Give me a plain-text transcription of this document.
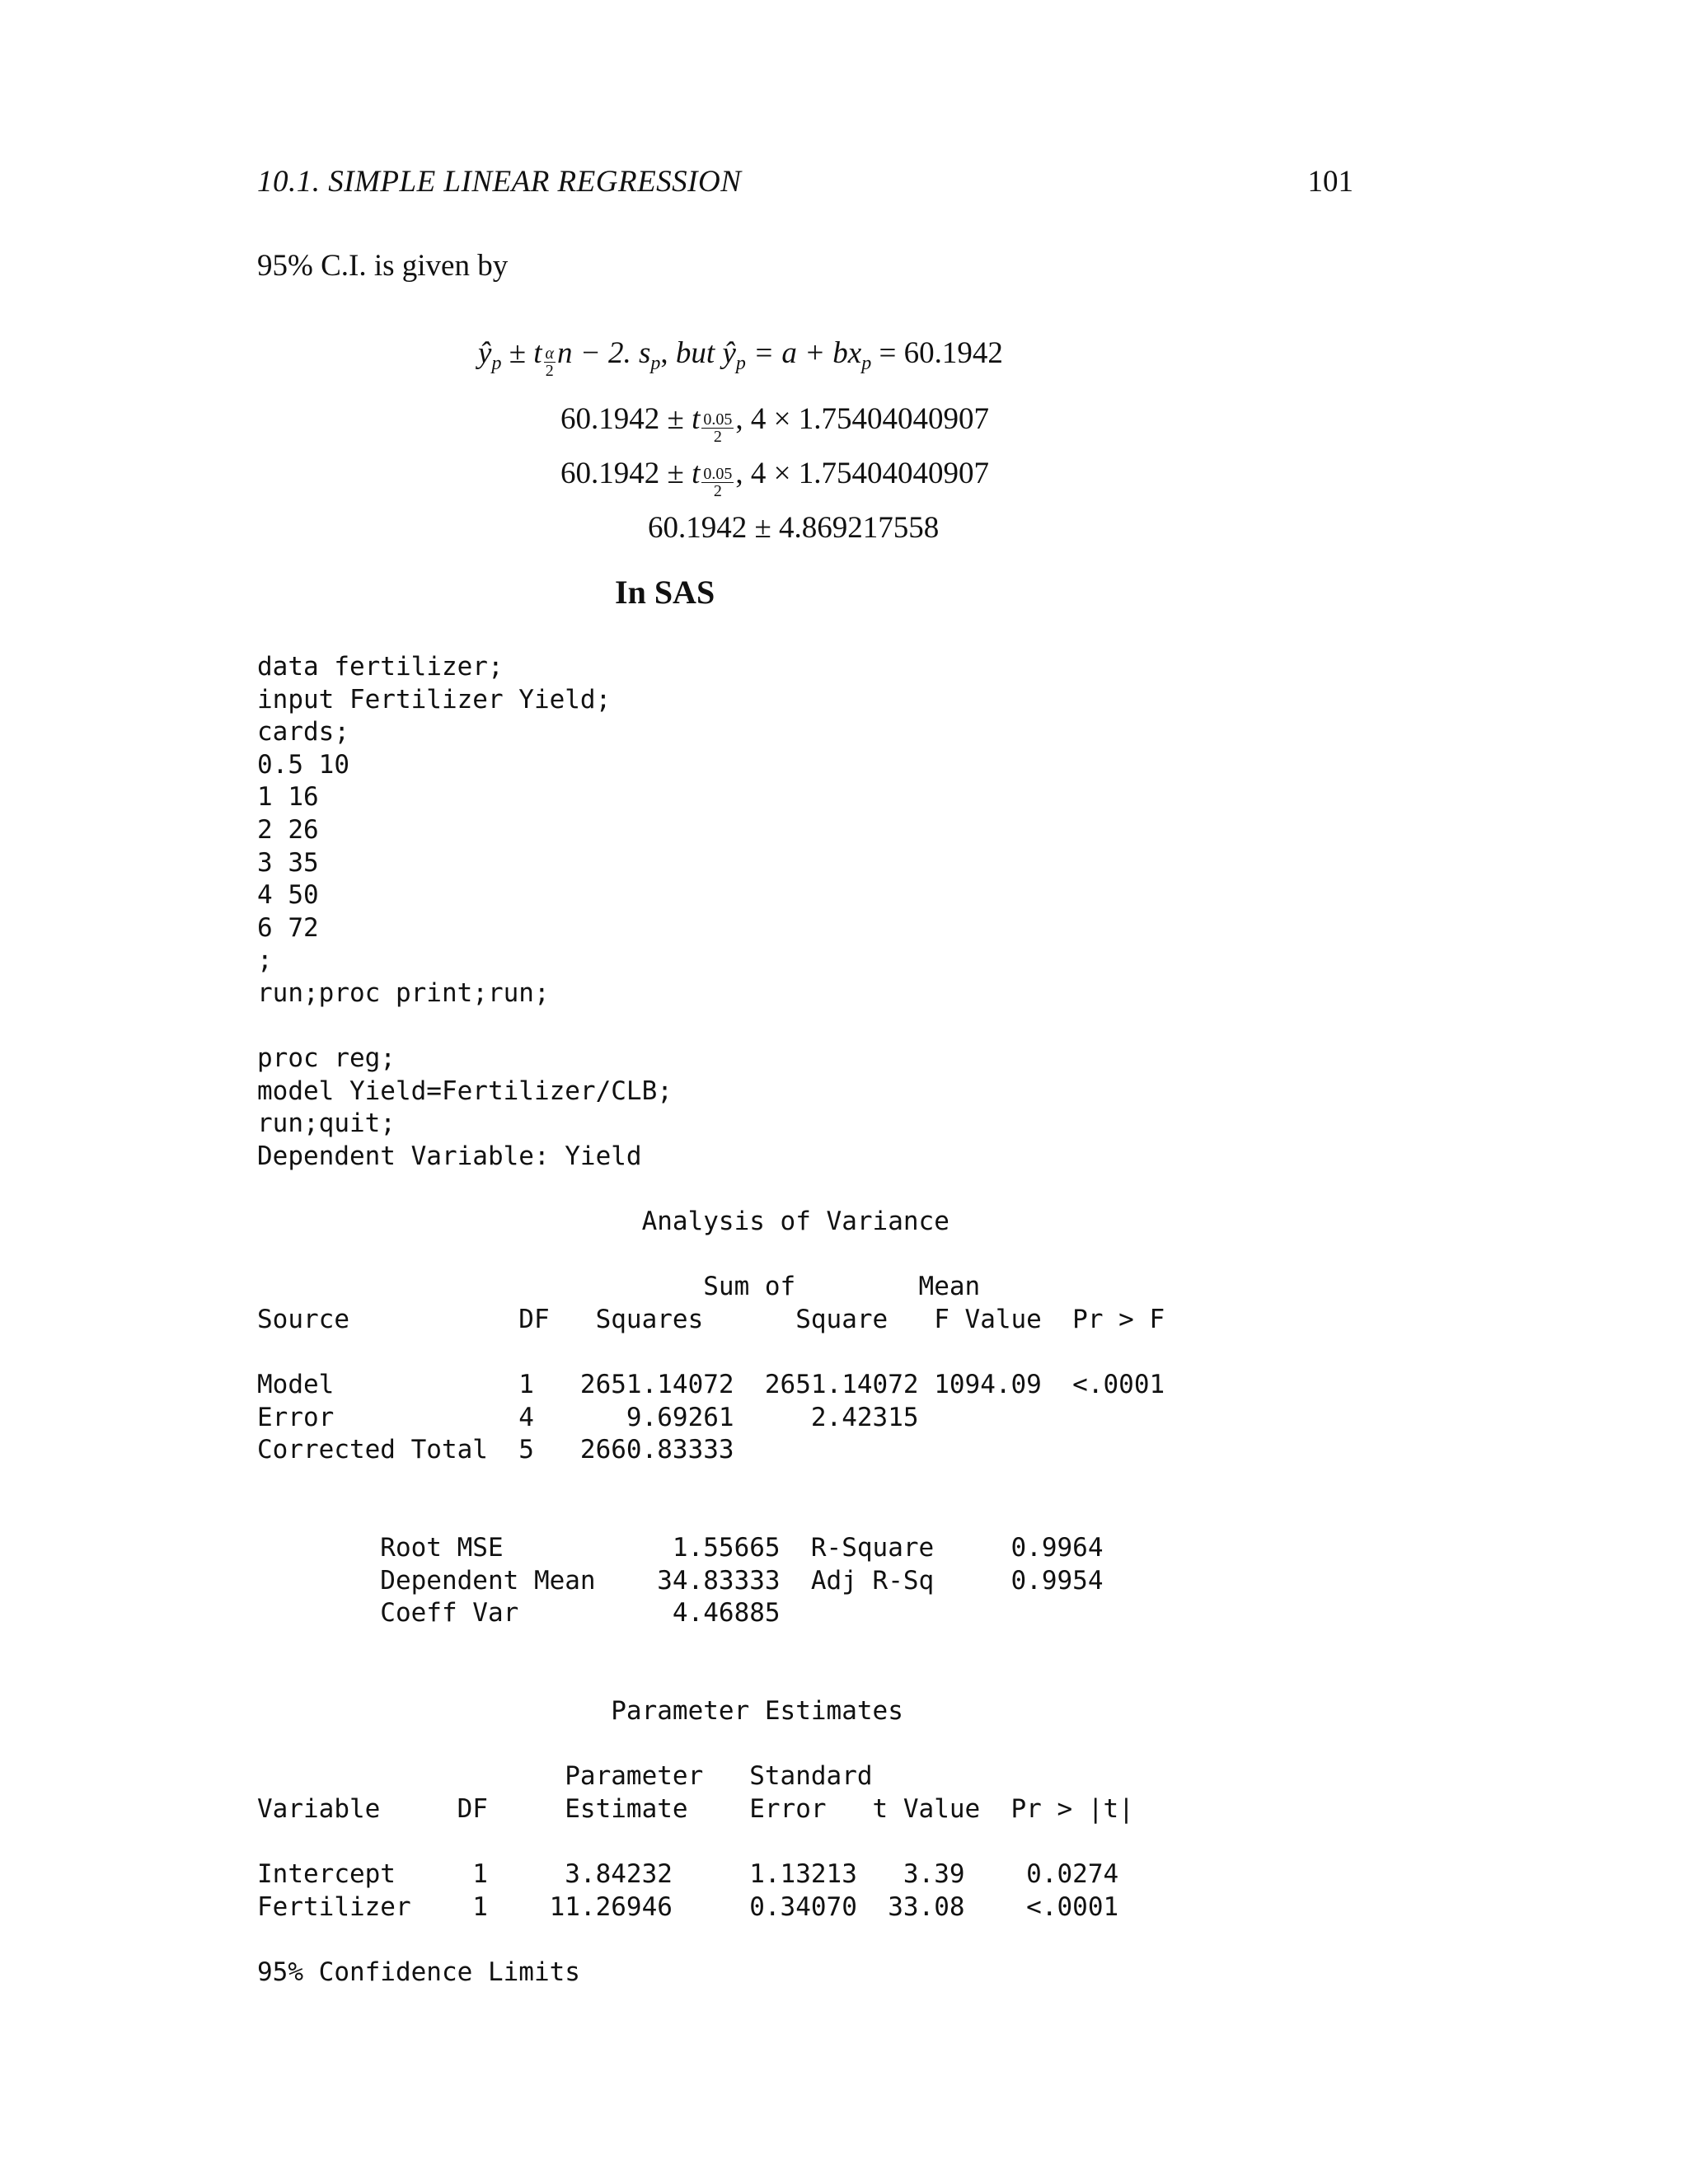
10.1. SIMPLE LINEAR REGRESSION	101
95% C.I. is given by
$ŷ_p \pm t \frac{\alpha}{2}$ n − 2. $s_p$, but $ŷ_p = a + bx_p = 60.1942$
60.1942 ± t $\frac{0.05}{2}$ , 4 × 1.75404040907
60.1942 ± t $\frac{0.05}{2}$ , 4 × 1.75404040907
60.1942 ± 4.869217558
In SAS
data fertilizer;
input Fertilizer Yield;
cards;
0.5 10
1 16
2 26
3 35
4 50
6 72
;
run;proc print;run;

proc reg;
model Yield=Fertilizer/CLB;
run;quit;
Dependent Variable: Yield

Analysis of Variance

Sum of        Mean
Source           DF   Squares      Square   F Value  Pr > F

Model            1   2651.14072  2651.14072 1094.09  <.0001
Error            4      9.69261     2.42315
Corrected Total  5   2660.83333

Root MSE           1.55665  R-Square     0.9964
Dependent Mean    34.83333  Adj R-Sq     0.9954
Coeff Var          4.46885

Parameter Estimates

Parameter   Standard
Variable     DF     Estimate    Error   t Value  Pr > |t|

Intercept     1     3.84232     1.13213   3.39    0.0274
Fertilizer    1    11.26946     0.34070  33.08    <.0001

95% Confidence Limits
